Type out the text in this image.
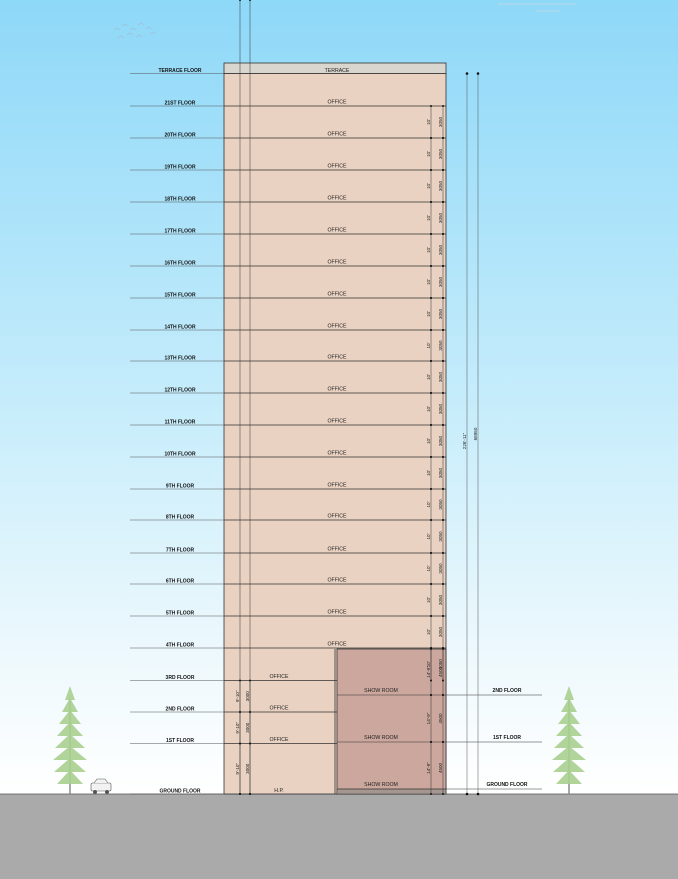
TERRACE FLOOR	TERRACE
21ST FLOOR	OFFICE
20TH FLOOR	OFFICE
19TH FLOOR	OFFICE
18TH FLOOR	OFFICE
17TH FLOOR	OFFICE
16TH FLOOR	OFFICE
15TH FLOOR	OFFICE
14TH FLOOR	OFFICE
13TH FLOOR	OFFICE
12TH FLOOR	OFFICE
11TH FLOOR	OFFICE
10TH FLOOR	OFFICE
9TH FLOOR	OFFICE
8TH FLOOR	OFFICE
7TH FLOOR	OFFICE
6TH FLOOR	OFFICE
5TH FLOOR	OFFICE
4TH FLOOR	OFFICE
3RD FLOOR	OFFICE
2ND FLOOR	OFFICE
1ST FLOOR	OFFICE
GROUND FLOOR	H.P.
SHOW ROOM	2ND FLOOR
14'-9" 4500
SHOW ROOM	1ST FLOOR
14'-9" 4500
SHOW ROOM	GROUND FLOOR
14'-9" 4500
10' 3050
10' 3050
10' 3050
10' 3050
10' 3050
10' 3050
10' 3050
10' 3050
10' 3050
10' 3050
10' 3050
10' 3050
10' 3050
10' 3050
10' 3050
10' 3050
10' 3050
10' 3050
9'-10" 3000
9'-10" 3000
9'-10" 3000
226'-11" 68950
